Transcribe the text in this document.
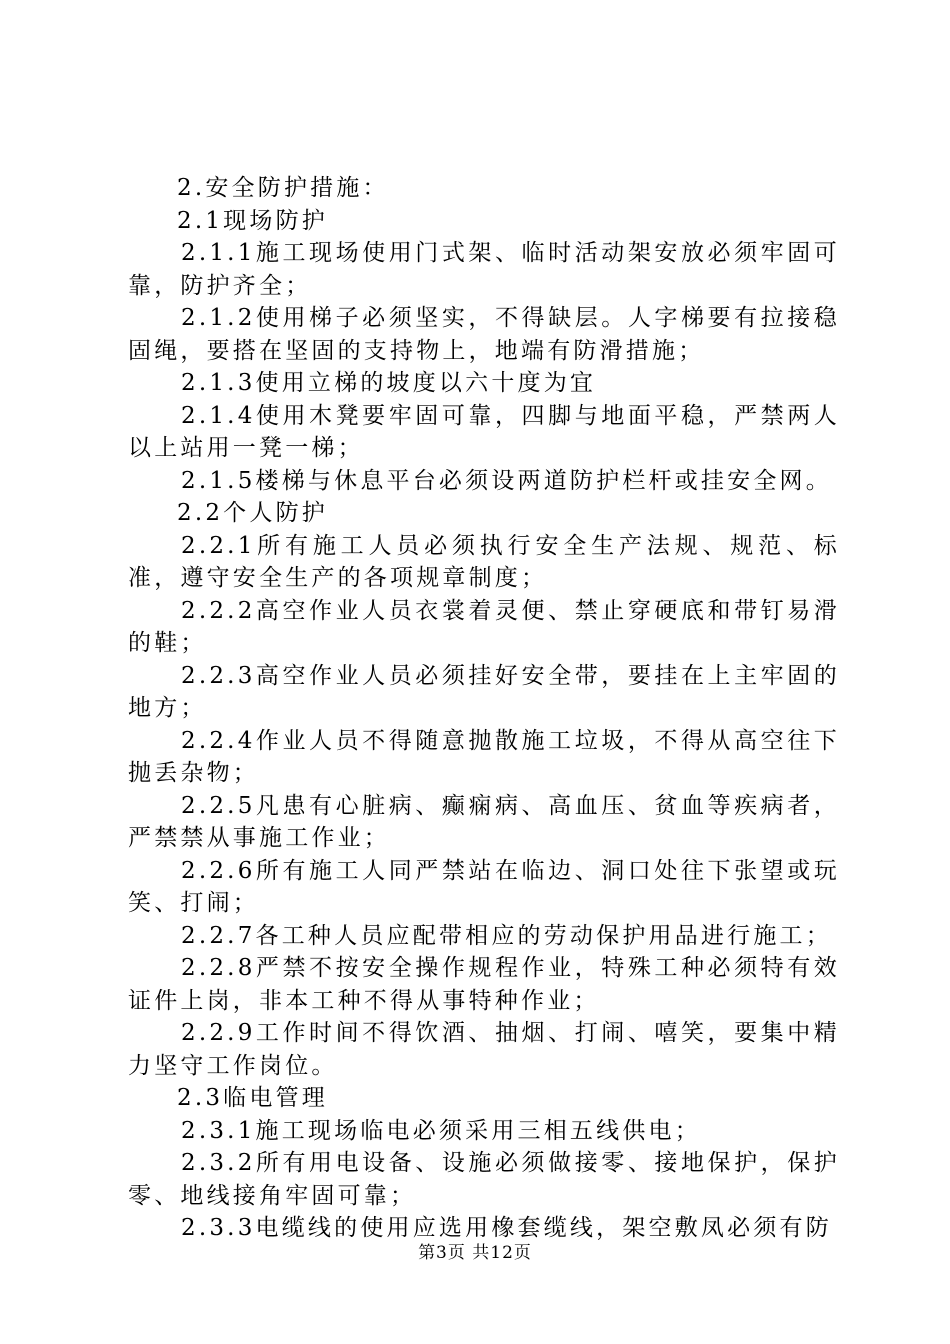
2.安全防护措施：

2.1现场防护

2.1.1施工现场使用门式架、临时活动架安放必须牢固可靠，防护齐全；

2.1.2使用梯子必须坚实，不得缺层。人字梯要有拉接稳固绳，要搭在坚固的支持物上，地端有防滑措施；

2.1.3使用立梯的坡度以六十度为宜

2.1.4使用木凳要牢固可靠，四脚与地面平稳，严禁两人以上站用一凳一梯；

2.1.5楼梯与休息平台必须设两道防护栏杆或挂安全网。

2.2个人防护

2.2.1所有施工人员必须执行安全生产法规、规范、标准，遵守安全生产的各项规章制度；

2.2.2高空作业人员衣裳着灵便、禁止穿硬底和带钉易滑的鞋；

2.2.3高空作业人员必须挂好安全带，要挂在上主牢固的地方；

2.2.4作业人员不得随意抛散施工垃圾，不得从高空往下抛丢杂物；

2.2.5凡患有心脏病、癫痫病、高血压、贫血等疾病者，严禁禁从事施工作业；

2.2.6所有施工人同严禁站在临边、洞口处往下张望或玩笑、打闹；

2.2.7各工种人员应配带相应的劳动保护用品进行施工；

2.2.8严禁不按安全操作规程作业，特殊工种必须特有效证件上岗，非本工种不得从事特种作业；

2.2.9工作时间不得饮酒、抽烟、打闹、嘻笑，要集中精力坚守工作岗位。

2.3临电管理

2.3.1施工现场临电必须采用三相五线供电；

2.3.2所有用电设备、设施必须做接零、接地保护，保护零、地线接角牢固可靠；

2.3.3电缆线的使用应选用橡套缆线，架空敷凤必须有防

第3页 共12页
